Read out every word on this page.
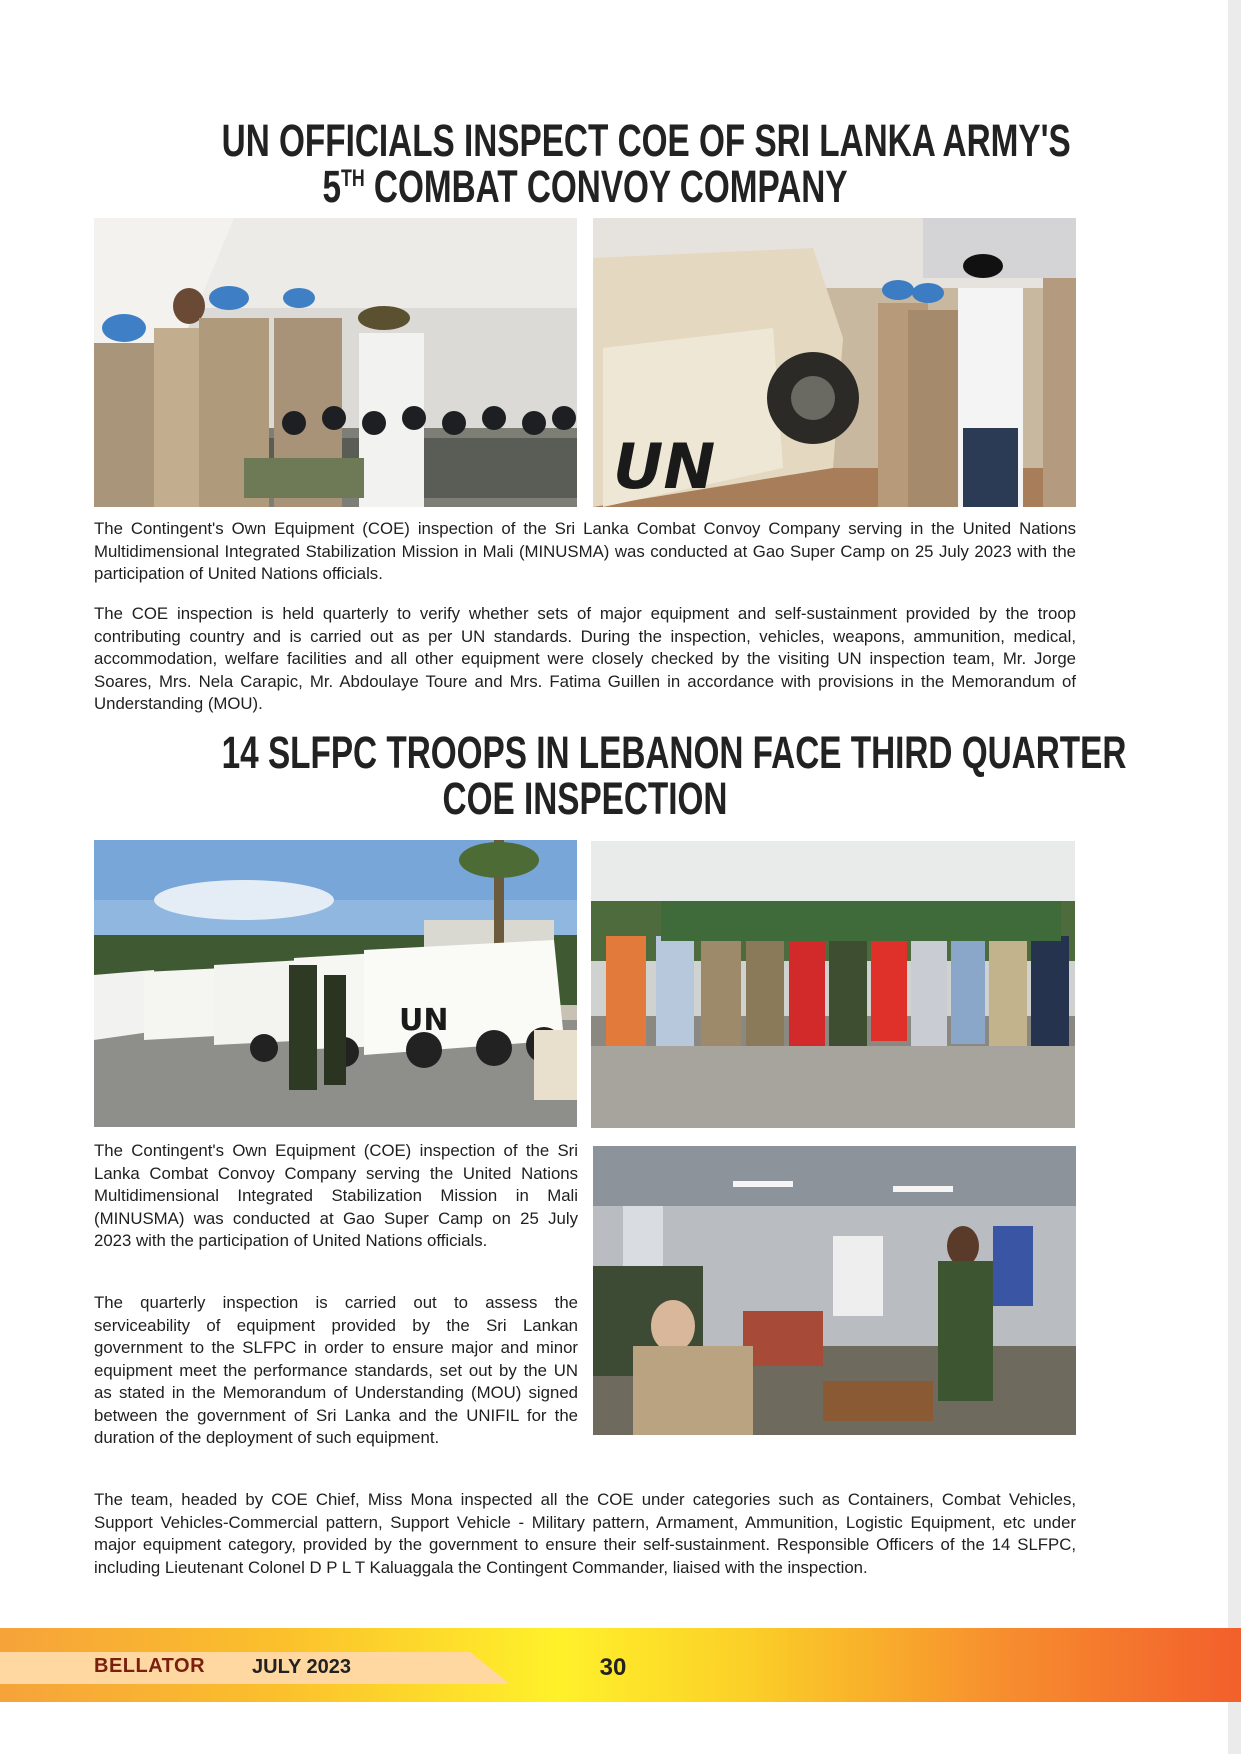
UN OFFICIALS INSPECT COE OF SRI LANKA ARMY'S
5TH COMBAT CONVOY COMPANY
UN

The Contingent's Own Equipment (COE) inspection of the Sri Lanka Combat Convoy Company serving in the United Nations Multidimensional Integrated Stabilization Mission in Mali (MINUSMA) was conducted at Gao Super Camp on 25 July 2023 with the participation of United Nations officials.

The COE inspection is held quarterly to verify whether sets of major equipment and self-sustainment provided by the troop contributing country and is carried out as per UN standards. During the inspection, vehicles, weapons, ammunition, medical, accommodation, welfare facilities and all other equipment were closely checked by the visiting UN inspection team, Mr. Jorge Soares, Mrs. Nela Carapic, Mr. Abdoulaye Toure and Mrs. Fatima Guillen in accordance with provisions in the Memorandum of Understanding (MOU).

14 SLFPC TROOPS IN LEBANON FACE THIRD QUARTER
COE INSPECTION
UN

The Contingent's Own Equipment (COE) inspection of the Sri Lanka Combat Convoy Company serving the United Nations Multidimensional Integrated Stabilization Mission in Mali (MINUSMA) was conducted at Gao Super Camp on 25 July 2023 with the participation of United Nations officials.

The quarterly inspection is carried out to assess the serviceability of equipment provided by the Sri Lankan government to the SLFPC in order to ensure major and minor equipment meet the performance standards, set out by the UN as stated in the Memorandum of Understanding (MOU) signed between the government of Sri Lanka and the UNIFIL for the duration of the deployment of such equipment.

The team, headed by COE Chief, Miss Mona inspected all the COE under categories such as Containers, Combat Vehicles, Support Vehicles-Commercial pattern, Support Vehicle - Military pattern, Armament, Ammunition, Logistic Equipment, etc under major equipment category, provided by the government to ensure their self-sustainment. Responsible Officers of the 14 SLFPC, including Lieutenant Colonel D P L T Kaluaggala the Contingent Commander, liaised with the inspection.

BELLATOR JULY 2023	30
